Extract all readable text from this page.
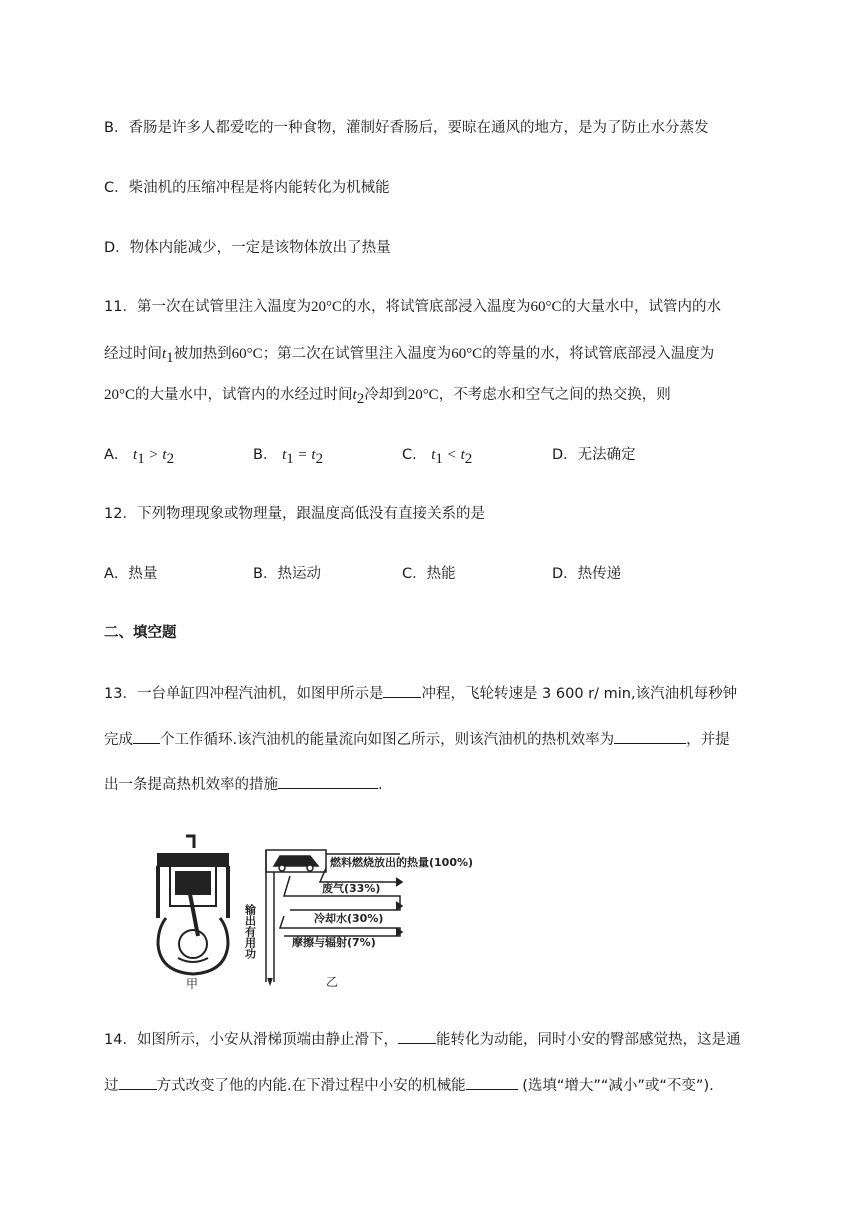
B．香肠是许多人都爱吃的一种食物，灌制好香肠后，要晾在通风的地方，是为了防止水分蒸发
C．柴油机的压缩冲程是将内能转化为机械能
D．物体内能减少，一定是该物体放出了热量
11．第一次在试管里注入温度为20°C的水，将试管底部浸入温度为60°C的大量水中，试管内的水
经过时间$t_1$被加热到60°C；第二次在试管里注入温度为60°C的等量的水，将试管底部浸入温度为
20°C的大量水中，试管内的水经过时间$t_2$冷却到20°C，不考虑水和空气之间的热交换，则
A． $t_1 > t_2$	B． $t_1 = t_2$	C． $t_1 < t_2$	D．无法确定
12．下列物理现象或物理量，跟温度高低没有直接关系的是
A．热量	B．热运动	C．热能	D．热传递
二、填空题
13．一台单缸四冲程汽油机，如图甲所示是	冲程，飞轮转速是 3 600 r/ min,该汽油机每秒钟
完成 个工作循环.该汽油机的能量流向如图乙所示，则该汽油机的热机效率为	，并提
出一条提高热机效率的措施	.
甲
燃料燃烧放出的热量(100%)
废气(33%)
冷却水(30%)
摩擦与辐射(7%)
输出有用功
乙
14．如图所示，小安从滑梯顶端由静止滑下，	能转化为动能，同时小安的臀部感觉热，这是通
过	方式改变了他的内能.在下滑过程中小安的机械能	(选填“增大”“减小”或“不变”).
